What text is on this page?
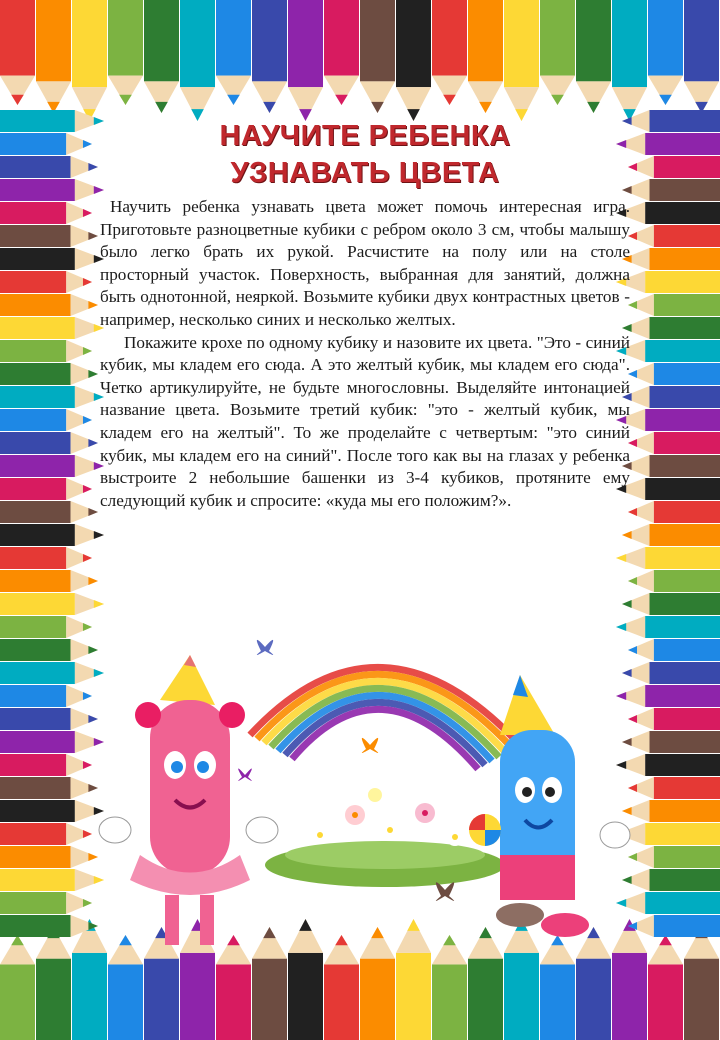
НАУЧИТЕ РЕБЕНКА
УЗНАВАТЬ ЦВЕТА

Научить ребенка узнавать цвета может помочь интересная игра. Приготовьте разноцветные кубики с ребром около 3 см, чтобы малышу было легко брать их рукой. Расчистите на полу или на столе просторный участок. Поверхность, выбранная для занятий, должна быть однотонной, неяркой. Возьмите кубики двух контрастных цветов - например, несколько синих и несколько желтых.

Покажите крохе по одному кубику и назовите их цвета. "Это - синий кубик, мы кладем его сюда. А это желтый кубик, мы кладем его сюда". Четко артикулируйте, не будьте многословны. Выделяйте интонацией название цвета. Возьмите третий кубик: "это - желтый кубик, мы кладем его на желтый". То же проделайте с четвертым: "это синий кубик, мы кладем его на синий". После того как вы на глазах у ребенка выстроите 2 небольшие башенки из 3-4 кубиков, протяните ему следующий кубик и спросите: «куда мы его положим?».
